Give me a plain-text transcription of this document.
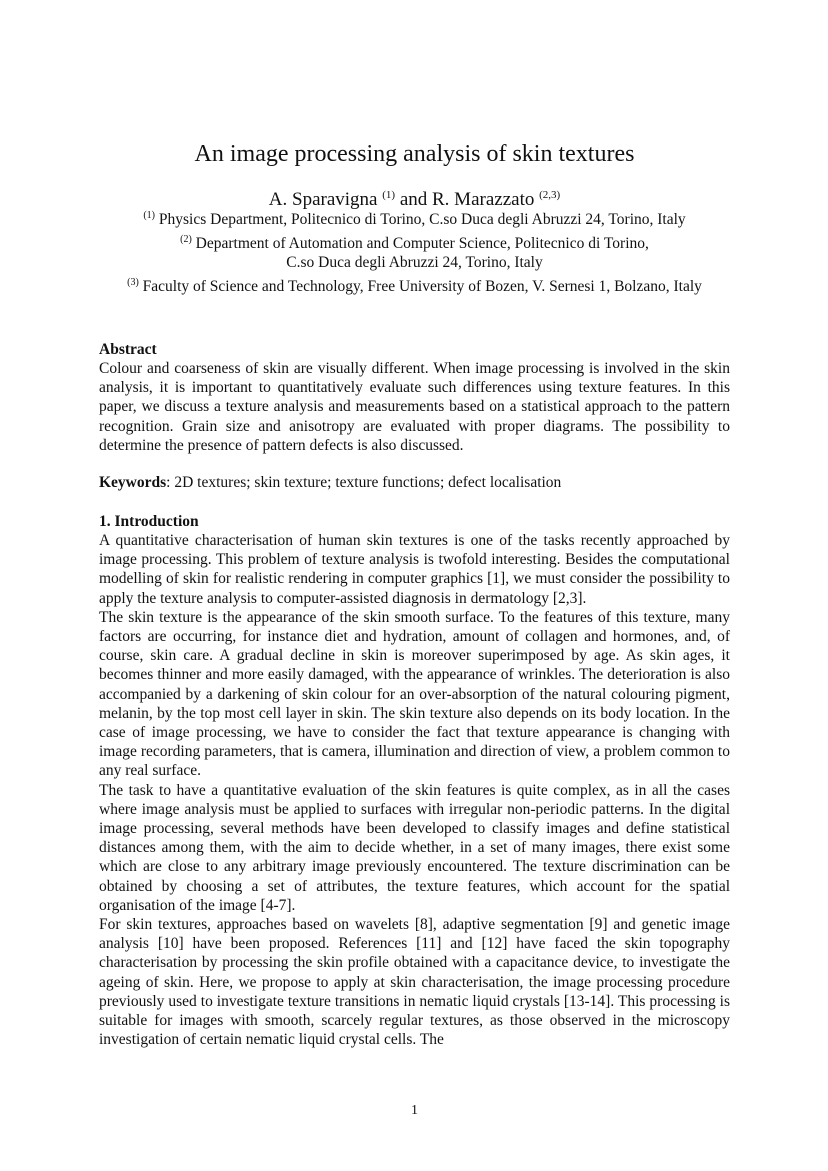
An image processing analysis of skin textures
A. Sparavigna $^{(1)}$ and R. Marazzato $^{(2,3)}$
$^{(1)}$ Physics Department, Politecnico di Torino, C.so Duca degli Abruzzi 24, Torino, Italy
$^{(2)}$ Department of Automation and Computer Science, Politecnico di Torino,
C.so Duca degli Abruzzi 24, Torino, Italy
$^{(3)}$ Faculty of Science and Technology, Free University of Bozen, V. Sernesi 1, Bolzano, Italy
Abstract

Colour and coarseness of skin are visually different. When image processing is involved in the skin analysis, it is important to quantitatively evaluate such differences using texture features. In this paper, we discuss a texture analysis and measurements based on a statistical approach to the pattern recognition. Grain size and anisotropy are evaluated with proper diagrams. The possibility to determine the presence of pattern defects is also discussed.

Keywords: 2D textures; skin texture; texture functions; defect localisation
1. Introduction

A quantitative characterisation of human skin textures is one of the tasks recently approached by image processing. This problem of texture analysis is twofold interesting. Besides the computational modelling of skin for realistic rendering in computer graphics [1], we must consider the possibility to apply the texture analysis to computer-assisted diagnosis in dermatology [2,3].

The skin texture is the appearance of the skin smooth surface. To the features of this texture, many factors are occurring, for instance diet and hydration, amount of collagen and hormones, and, of course, skin care. A gradual decline in skin is moreover superimposed by age. As skin ages, it becomes thinner and more easily damaged, with the appearance of wrinkles. The deterioration is also accompanied by a darkening of skin colour for an over-absorption of the natural colouring pigment, melanin, by the top most cell layer in skin. The skin texture also depends on its body location. In the case of image processing, we have to consider the fact that texture appearance is changing with image recording parameters, that is camera, illumination and direction of view, a problem common to any real surface.

The task to have a quantitative evaluation of the skin features is quite complex, as in all the cases where image analysis must be applied to surfaces with irregular non-periodic patterns. In the digital image processing, several methods have been developed to classify images and define statistical distances among them, with the aim to decide whether, in a set of many images, there exist some which are close to any arbitrary image previously encountered. The texture discrimination can be obtained by choosing a set of attributes, the texture features, which account for the spatial organisation of the image [4-7].

For skin textures, approaches based on wavelets [8], adaptive segmentation [9] and genetic image analysis [10] have been proposed. References [11] and [12] have faced the skin topography characterisation by processing the skin profile obtained with a capacitance device, to investigate the ageing of skin. Here, we propose to apply at skin characterisation, the image processing procedure previously used to investigate texture transitions in nematic liquid crystals [13-14]. This processing is suitable for images with smooth, scarcely regular textures, as those observed in the microscopy investigation of certain nematic liquid crystal cells. The

1
